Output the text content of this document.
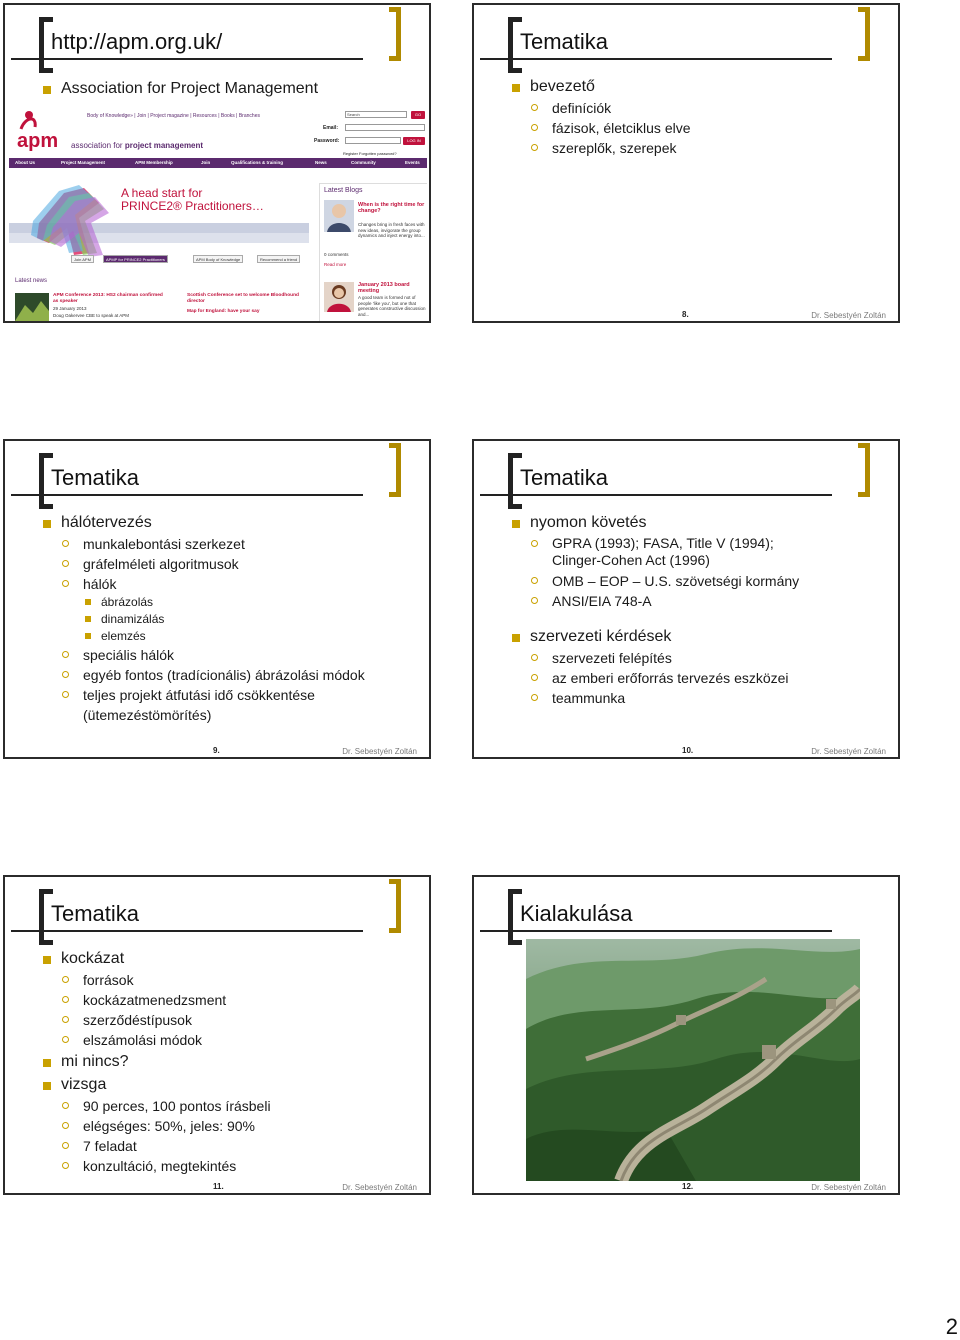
http://apm.org.uk/
Association for Project Management
apm association for project management
Body of Knowledge» | Join | Project magazine | Resources | Books | Branches	Search	GO
Email:
Password:	LOG IN
Register Forgotten password?
About Us	Project Management	APM Membership	Join	Qualifications & training	News	Community	Events
A head start for
PRINCE2® Practitioners…
Join APM	APMP for PRINCE2 Practitioners	APM Body of Knowledge	Recommend a friend
Latest Blogs
When is the right time for change?
Changes bring in fresh faces with new ideas, invigorate the group dynamics and inject energy into...
0 comments
Read more
January 2013 board meeting
A good team is formed not of people 'like you', but one that generates constructive discussion and...
Latest news
APM Conference 2013: HS2 chairman confirmed as speaker
29 January 2013
Doug Oakervee CBE to speak at APM
Scottish Conference set to welcome Bloodhound director
Map for England: have your say
Tematika
bevezető
definíciók
fázisok, életciklus elve
szereplők, szerepek
8.	Dr. Sebestyén Zoltán
Tematika
hálótervezés
munkalebontási szerkezet
gráfelméleti algoritmusok
hálók
ábrázolás
dinamizálás
elemzés
speciális hálók
egyéb fontos (tradícionális) ábrázolási módok
teljes projekt átfutási idő csökkentése (ütemezéstömörítés)
9.	Dr. Sebestyén Zoltán
Tematika
nyomon követés
GPRA (1993); FASA, Title V (1994); Clinger-Cohen Act (1996)
OMB – EOP – U.S. szövetségi kormány
ANSI/EIA 748-A
szervezeti kérdések
szervezeti felépítés
az emberi erőforrás tervezés eszközei
teammunka
10.	Dr. Sebestyén Zoltán
Tematika
kockázat
források
kockázatmenedzsment
szerződéstípusok
elszámolási módok
mi nincs?
vizsga
90 perces, 100 pontos írásbeli
elégséges: 50%, jeles: 90%
7 feladat
konzultáció, megtekintés
11.	Dr. Sebestyén Zoltán
Kialakulása
12.	Dr. Sebestyén Zoltán
2
